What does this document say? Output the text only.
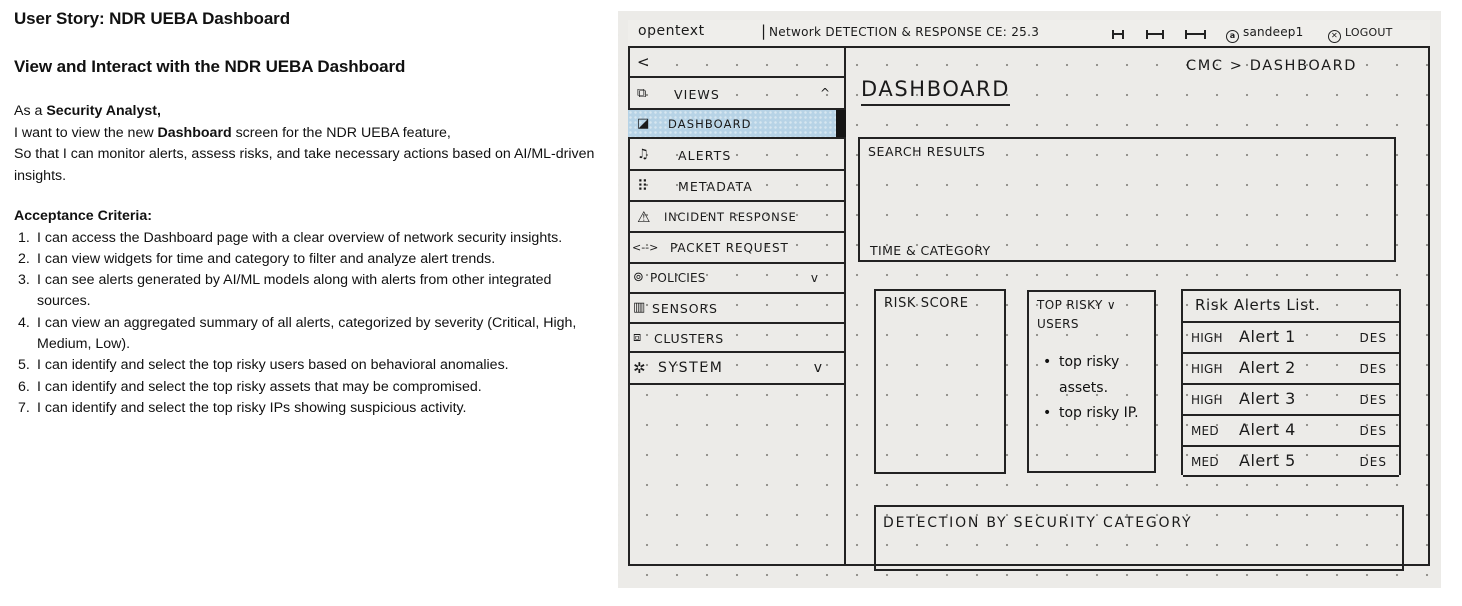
User Story: NDR UEBA Dashboard
View and Interact with the NDR UEBA Dashboard

As a Security Analyst,

I want to view the new Dashboard screen for the NDR UEBA feature,

So that I can monitor alerts, assess risks, and take necessary actions based on AI/ML-driven insights.

Acceptance Criteria:

1. I can access the Dashboard page with a clear overview of network security insights.
2. I can view widgets for time and category to filter and analyze alert trends.
3. I can see alerts generated by AI/ML models along with alerts from other integrated sources.
4. I can view an aggregated summary of all alerts, categorized by severity (Critical, High, Medium, Low).
5. I can identify and select the top risky users based on behavioral anomalies.
6. I can identify and select the top risky assets that may be compromised.
7. I can identify and select the top risky IPs showing suspicious activity.
opentext	| Network DETECTION & RESPONSE CE: 25.3	a sandeep1	✕ LOGOUT
<
⧉ VIEWS	^
◪ DASHBOARD
♫ ALERTS
⠿ METADATA
⚠ INCIDENT RESPONSE
<--> PACKET REQUEST
⊚ POLICIES	v
▥ SENSORS
⧈ CLUSTERS
✲ SYSTEM	v
DASHBOARD
CMC > DASHBOARD
SEARCH RESULTS
TIME & CATEGORY
RISK SCORE	TOP RISKY ∨ USERS
• top risky assets.
• top risky IP.
Risk Alerts List.
HIGH Alert 1	DES
HIGH Alert 2	DES
HIGH Alert 3	DES
MED Alert 4	DES
MED Alert 5	DES
DETECTION BY SECURITY CATEGORY
